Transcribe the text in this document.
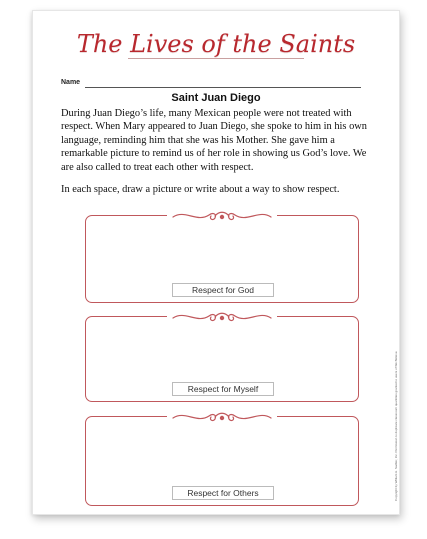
The Lives of the Saints
Name
Saint Juan Diego

During Juan Diego’s life, many Mexican people were not treated with respect. When Mary appeared to Juan Diego, she spoke to him in his own language, reminding him that she was his Mother. She gave him a remarkable picture to remind us of her role in showing us God’s love. We are also called to treat each other with respect.

In each space, draw a picture or write about a way to show respect.

Respect for God
Respect for Myself
Respect for Others	Copyright by William H. Sadlier, Inc. Permission to duplicate classroom quantities granted to users of We Believe.
